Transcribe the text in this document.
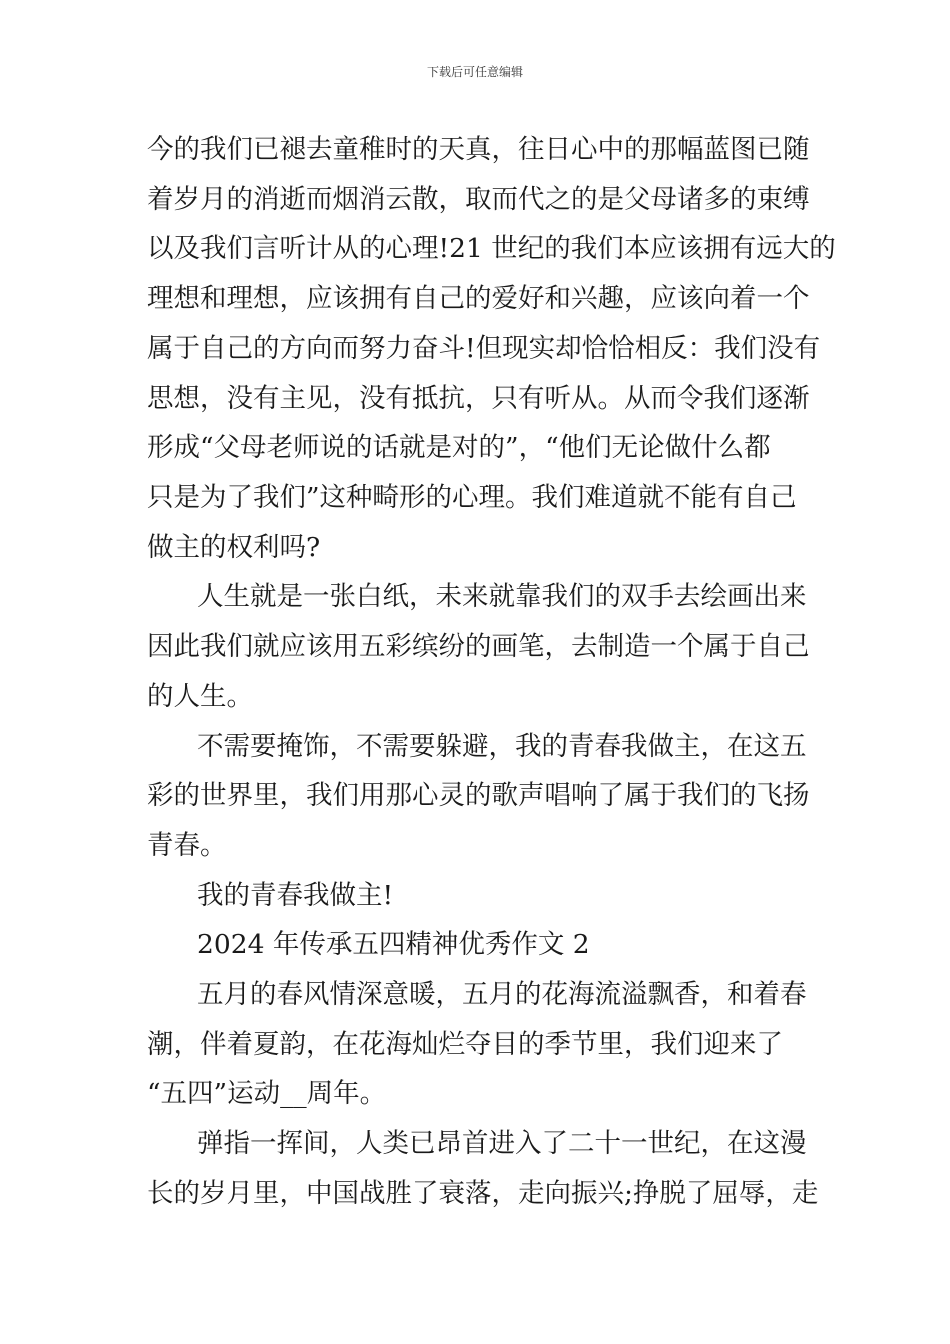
下载后可任意编辑
今的我们已褪去童稚时的天真，往日心中的那幅蓝图已随
着岁月的消逝而烟消云散，取而代之的是父母诸多的束缚
以及我们言听计从的心理!21 世纪的我们本应该拥有远大的
理想和理想，应该拥有自己的爱好和兴趣，应该向着一个
属于自己的方向而努力奋斗!但现实却恰恰相反：我们没有
思想，没有主见，没有抵抗，只有听从。从而令我们逐渐
形成“父母老师说的话就是对的”，“他们无论做什么都
只是为了我们”这种畸形的心理。我们难道就不能有自己
做主的权利吗?
人生就是一张白纸，未来就靠我们的双手去绘画出来
因此我们就应该用五彩缤纷的画笔，去制造一个属于自己
的人生。
不需要掩饰，不需要躲避，我的青春我做主，在这五
彩的世界里，我们用那心灵的歌声唱响了属于我们的飞扬
青春。
我的青春我做主!
2024 年传承五四精神优秀作文 2
五月的春风情深意暖，五月的花海流溢飘香，和着春
潮，伴着夏韵，在花海灿烂夺目的季节里，我们迎来了
“五四”运动__周年。
弹指一挥间，人类已昂首进入了二十一世纪，在这漫
长的岁月里，中国战胜了衰落，走向振兴;挣脱了屈辱，走
